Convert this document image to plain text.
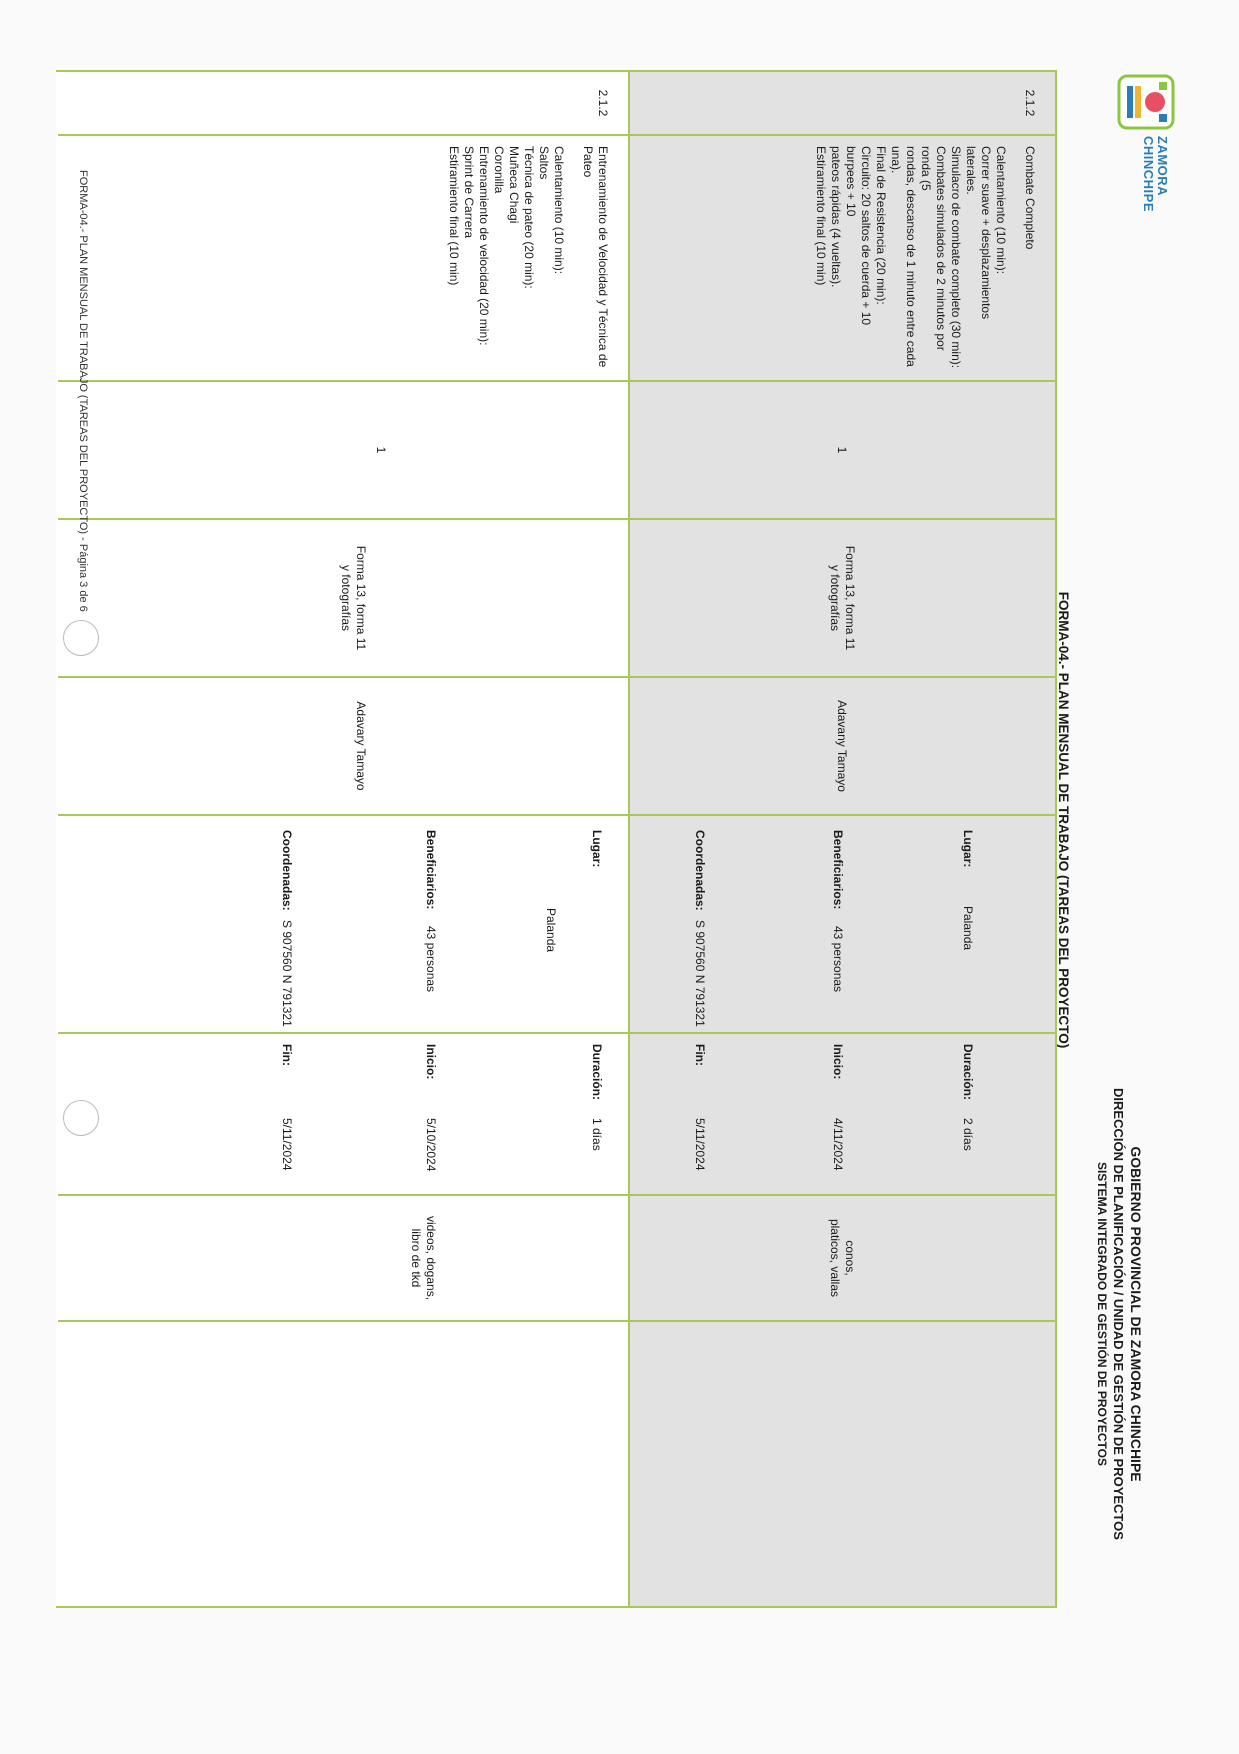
ZAMORA
CHINCHIPE
GOBIERNO PROVINCIAL DE ZAMORA CHINCHIPE
DIRECCIÓN DE PLANIFICACIÓN / UNIDAD DE GESTIÓN DE PROYECTOS
SISTEMA INTEGRADO DE GESTIÓN DE PROYECTOS
FORMA-04.- PLAN MENSUAL DE TRABAJO (TAREAS DEL PROYECTO)
2.1.2
Combate Completo
Calentamiento (10 min):
Correr suave + desplazamientos laterales.
Simulacro de combate completo (30 min):
Combates simulados de 2 minutos por ronda (5
rondas, descanso de 1 minuto entre cada una).
Final de Resistencia (20 min):
Circuito: 20 saltos de cuerda + 10 burpees + 10
pateos rápidas (4 vueltas).
Estiramiento final (10 min)
1
Forma 13, forma 11 y fotografías
Adavany Tamayo
Lugar:
Palanda
Beneficiarios:
43 personas
Coordenadas:
S 907560 N 791321
Duración:
2 días
Inicio:
4/11/2024
Fin:
5/11/2024
conos, platicos, vallas
2.1.2
Entrenamiento de Velocidad y Técnica de Pateo
Calentamiento (10 min):
Saltos
Técnica de pateo (20 min):
Muñeca Chagi
Coronilla
Entrenamiento de velocidad (20 min):
Sprint de Carrera
Estiramiento final (10 min)
1
Forma 13, forma 11 y fotografías
Adavary Tamayo
Lugar:
Palanda
Beneficiarios:
43 personas
Coordenadas:
S 907560 N 791321
Duración:
1 días
Inicio:
5/10/2024
Fin:
5/11/2024
videos, dogans, libro de tkd
FORMA-04.- PLAN MENSUAL DE TRABAJO (TAREAS DEL PROYECTO) - Página 3 de 6
